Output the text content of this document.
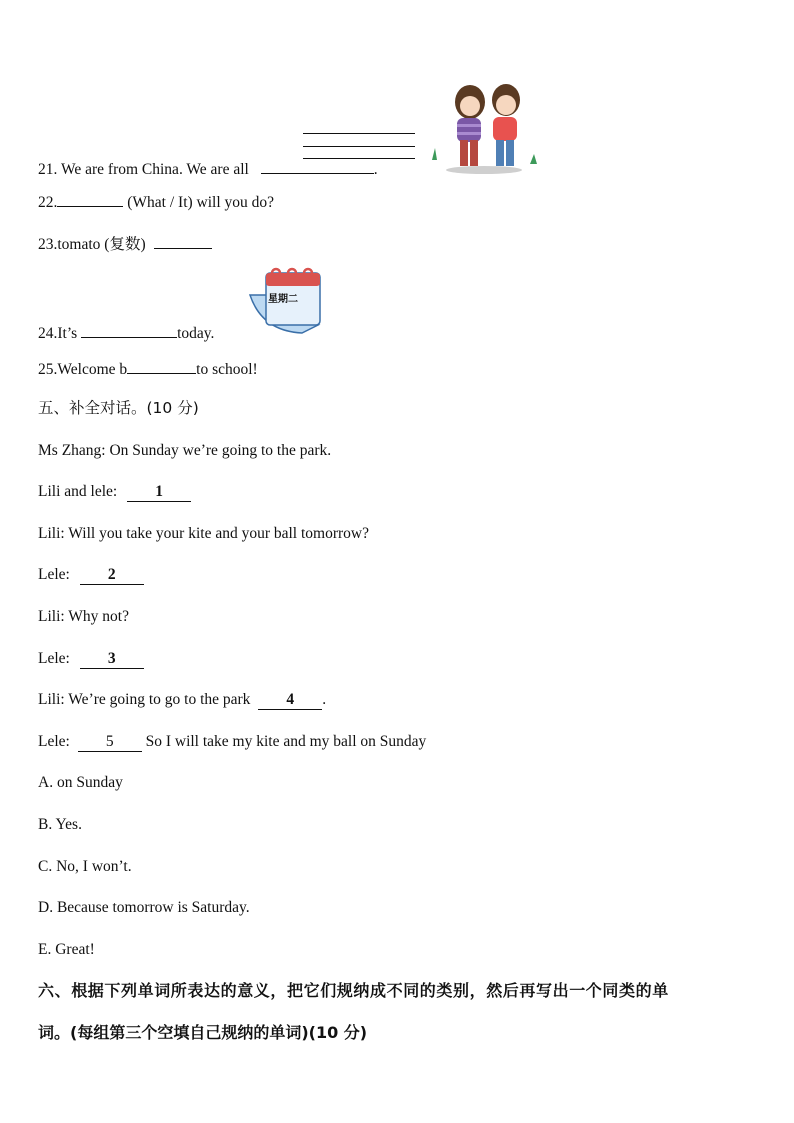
21. We are from China. We are all	.
22.	(What / It) will you do?
23.tomato (复数)
星期二
24.It’s	today.
25.Welcome b	to school!
五、补全对话。(10 分)
Ms Zhang: On Sunday we’re going to the park.
Lili and lele: 1
Lili: Will you take your kite and your ball tomorrow?
Lele: 2
Lili: Why not?
Lele: 3
Lili: We’re going to go to the park 4 .
Lele: 5 So I will take my kite and my ball on Sunday
A. on Sunday
B. Yes.
C. No, I won’t.
D. Because tomorrow is Saturday.
E. Great!
六、根据下列单词所表达的意义，把它们规纳成不同的类别，然后再写出一个同类的单
词。(每组第三个空填自己规纳的单词)(10 分)
